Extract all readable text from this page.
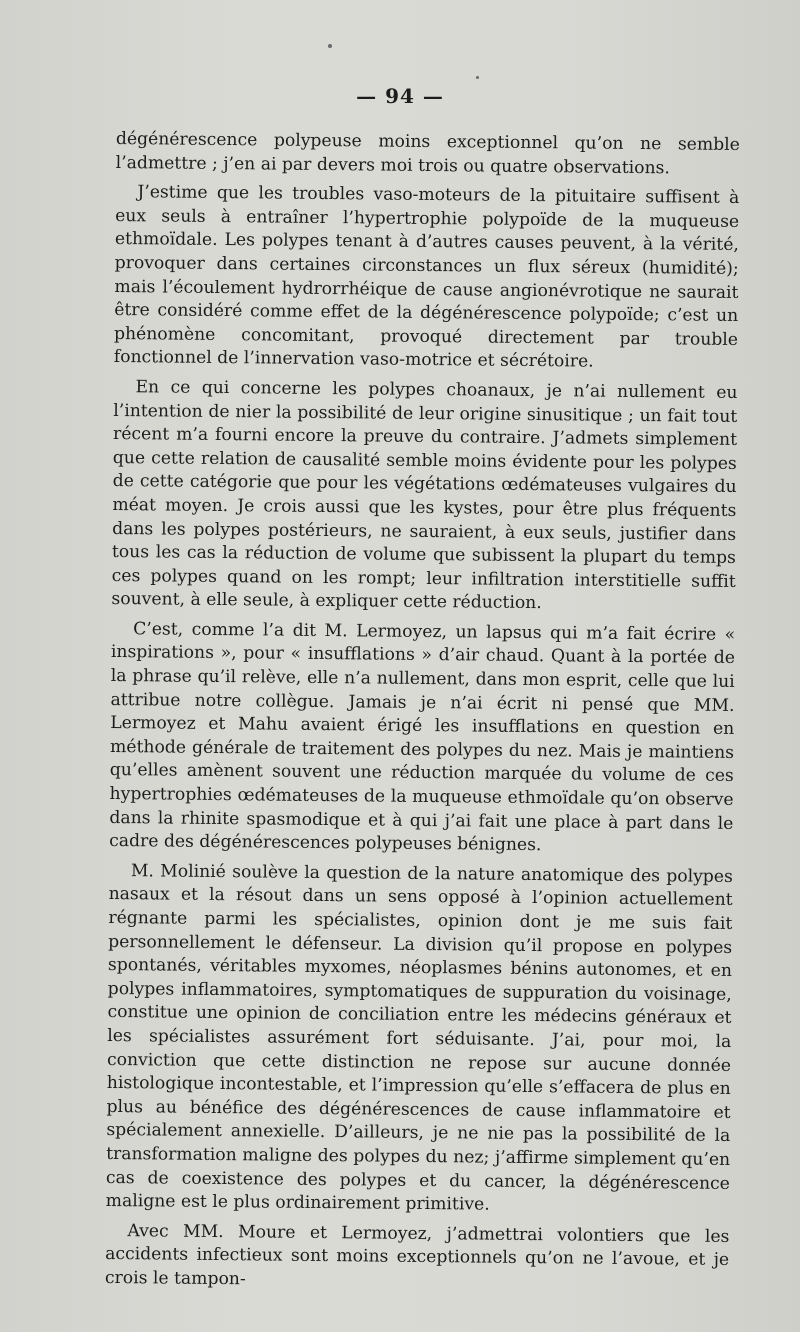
— 94 —

dégénérescence polypeuse moins exceptionnel qu’on ne semble l’admettre ; j’en ai par devers moi trois ou quatre observations.

J’estime que les troubles vaso-moteurs de la pituitaire suffisent à eux seuls à entraîner l’hypertrophie polypoïde de la muqueuse ethmoïdale. Les polypes tenant à d’autres causes peuvent, à la vérité, provoquer dans certaines circonstances un flux séreux (humidité); mais l’écoulement hydrorrhéique de cause angionévrotique ne saurait être considéré comme effet de la dégénérescence polypoïde; c’est un phénomène concomitant, provoqué directement par trouble fonctionnel de l’innervation vaso-motrice et sécrétoire.

En ce qui concerne les polypes choanaux, je n’ai nullement eu l’intention de nier la possibilité de leur origine sinusitique ; un fait tout récent m’a fourni encore la preuve du contraire. J’admets simplement que cette relation de causalité semble moins évidente pour les polypes de cette catégorie que pour les végétations œdémateuses vulgaires du méat moyen. Je crois aussi que les kystes, pour être plus fréquents dans les polypes postérieurs, ne sauraient, à eux seuls, justifier dans tous les cas la réduction de volume que subissent la plupart du temps ces polypes quand on les rompt; leur infiltration interstitielle suffit souvent, à elle seule, à expliquer cette réduction.

C’est, comme l’a dit M. Lermoyez, un lapsus qui m’a fait écrire « inspirations », pour « insufflations » d’air chaud. Quant à la portée de la phrase qu’il relève, elle n’a nullement, dans mon esprit, celle que lui attribue notre collègue. Jamais je n’ai écrit ni pensé que MM. Lermoyez et Mahu avaient érigé les insufflations en question en méthode générale de traitement des polypes du nez. Mais je maintiens qu’elles amènent souvent une réduction marquée du volume de ces hypertrophies œdémateuses de la muqueuse ethmoïdale qu’on observe dans la rhinite spasmodique et à qui j’ai fait une place à part dans le cadre des dégénérescences polypeuses bénignes.

M. Molinié soulève la question de la nature anatomique des polypes nasaux et la résout dans un sens opposé à l’opinion actuellement régnante parmi les spécialistes, opinion dont je me suis fait personnellement le défenseur. La division qu’il propose en polypes spontanés, véritables myxomes, néoplasmes bénins autonomes, et en polypes inflammatoires, symptomatiques de suppuration du voisinage, constitue une opinion de conciliation entre les médecins généraux et les spécialistes assurément fort séduisante. J’ai, pour moi, la conviction que cette distinction ne repose sur aucune donnée histologique incontestable, et l’impression qu’elle s’effacera de plus en plus au bénéfice des dégénérescences de cause inflammatoire et spécialement annexielle. D’ailleurs, je ne nie pas la possibilité de la transformation maligne des polypes du nez; j’affirme simplement qu’en cas de coexistence des polypes et du cancer, la dégénérescence maligne est le plus ordinairement primitive.

Avec MM. Moure et Lermoyez, j’admettrai volontiers que les accidents infectieux sont moins exceptionnels qu’on ne l’avoue, et je crois le tampon-
